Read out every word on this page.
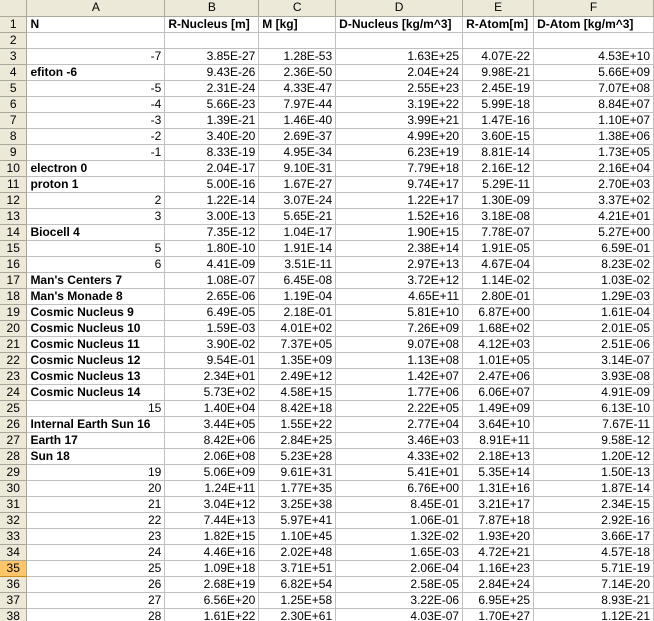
	A	B	C	D	E	F
1	N	R-Nucleus [m]	M [kg]	D-Nucleus [kg/m^3]	R-Atom[m]	D-Atom [kg/m^3]
2						
3	-7	3.85E-27	1.28E-53	1.63E+25	4.07E-22	4.53E+10
4	efiton -6	9.43E-26	2.36E-50	2.04E+24	9.98E-21	5.66E+09
5	-5	2.31E-24	4.33E-47	2.55E+23	2.45E-19	7.07E+08
6	-4	5.66E-23	7.97E-44	3.19E+22	5.99E-18	8.84E+07
7	-3	1.39E-21	1.46E-40	3.99E+21	1.47E-16	1.10E+07
8	-2	3.40E-20	2.69E-37	4.99E+20	3.60E-15	1.38E+06
9	-1	8.33E-19	4.95E-34	6.23E+19	8.81E-14	1.73E+05
10	electron 0	2.04E-17	9.10E-31	7.79E+18	2.16E-12	2.16E+04
11	proton 1	5.00E-16	1.67E-27	9.74E+17	5.29E-11	2.70E+03
12	2	1.22E-14	3.07E-24	1.22E+17	1.30E-09	3.37E+02
13	3	3.00E-13	5.65E-21	1.52E+16	3.18E-08	4.21E+01
14	Biocell 4	7.35E-12	1.04E-17	1.90E+15	7.78E-07	5.27E+00
15	5	1.80E-10	1.91E-14	2.38E+14	1.91E-05	6.59E-01
16	6	4.41E-09	3.51E-11	2.97E+13	4.67E-04	8.23E-02
17	Man's Centers 7	1.08E-07	6.45E-08	3.72E+12	1.14E-02	1.03E-02
18	Man's Monade 8	2.65E-06	1.19E-04	4.65E+11	2.80E-01	1.29E-03
19	Cosmic Nucleus 9	6.49E-05	2.18E-01	5.81E+10	6.87E+00	1.61E-04
20	Cosmic Nucleus 10	1.59E-03	4.01E+02	7.26E+09	1.68E+02	2.01E-05
21	Cosmic Nucleus 11	3.90E-02	7.37E+05	9.07E+08	4.12E+03	2.51E-06
22	Cosmic Nucleus 12	9.54E-01	1.35E+09	1.13E+08	1.01E+05	3.14E-07
23	Cosmic Nucleus 13	2.34E+01	2.49E+12	1.42E+07	2.47E+06	3.93E-08
24	Cosmic Nucleus 14	5.73E+02	4.58E+15	1.77E+06	6.06E+07	4.91E-09
25	15	1.40E+04	8.42E+18	2.22E+05	1.49E+09	6.13E-10
26	Internal Earth Sun 16	3.44E+05	1.55E+22	2.77E+04	3.64E+10	7.67E-11
27	Earth 17	8.42E+06	2.84E+25	3.46E+03	8.91E+11	9.58E-12
28	Sun 18	2.06E+08	5.23E+28	4.33E+02	2.18E+13	1.20E-12
29	19	5.06E+09	9.61E+31	5.41E+01	5.35E+14	1.50E-13
30	20	1.24E+11	1.77E+35	6.76E+00	1.31E+16	1.87E-14
31	21	3.04E+12	3.25E+38	8.45E-01	3.21E+17	2.34E-15
32	22	7.44E+13	5.97E+41	1.06E-01	7.87E+18	2.92E-16
33	23	1.82E+15	1.10E+45	1.32E-02	1.93E+20	3.66E-17
34	24	4.46E+16	2.02E+48	1.65E-03	4.72E+21	4.57E-18
35	25	1.09E+18	3.71E+51	2.06E-04	1.16E+23	5.71E-19
36	26	2.68E+19	6.82E+54	2.58E-05	2.84E+24	7.14E-20
37	27	6.56E+20	1.25E+58	3.22E-06	6.95E+25	8.93E-21
38	28	1.61E+22	2.30E+61	4.03E-07	1.70E+27	1.12E-21
